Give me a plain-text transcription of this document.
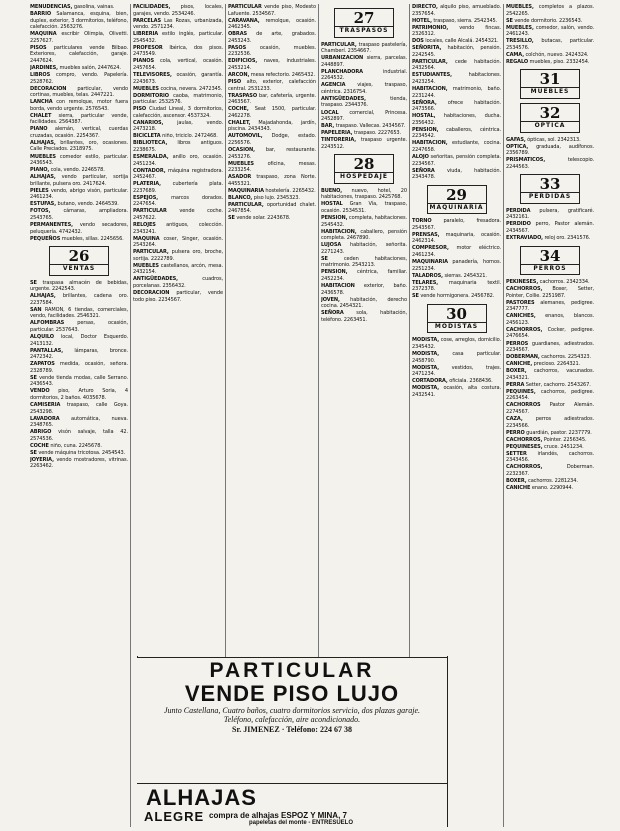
MENUDENCIAS, gasolina, vainas.

BARRIO Salamanca, esquina, bien, duplex, exterior, 3 dormitorios, teléfono, calefacción. 2563276.

MAQUINA escribir Olimpia, Olivetti. 2257627.

PISOS particulares vende Bilbao. Exteriores, calefacción, garaje. 2447624.

JARDINES, muebles salón, 2447624.

LIBROS compro, vendo. Papelería. 2528762.

DECORACION particular, vendo cortinas, muebles, telas. 2447221.

LANCHA con remolque, motor fuera borda, vendo urgente. 2576543.

CHALET sierra, particular vende, facilidades. 2564387.

PIANO alemán, vertical, cuerdas cruzadas, ocasión. 2254367.

ALHAJAS, brillantes, oro, ocasiones. Calle Preciados. 2318975.

MUEBLES comedor estilo, particular. 2436543.

PIANO, cola, vendo. 2246578.

ALHAJAS, vendo particular, sortija brillante, pulsera oro. 2417624.

PIELES vendo, abrigo visón, particular. 2461234.

ESTUFAS, butano, vendo. 2464539.

FOTOS, cámaras, ampliadora. 2543765.

PERMANENTES, vendo secadores, peluquería. 4742432.

PEQUEÑOS muebles, sillas. 2245656.

26
VENTAS

SE traspasa almacén de bebidas, urgente. 2242543.

ALHAJAS, brillantes, cadena oro. 2237584.

SAN RAMON, 6 tiendas, comerciales, vendo, facilidades. 2546321.

ALFOMBRAS persas, ocasión, particular. 2537643.

ALQUILO local, Doctor Esquerdo. 2413132.

PANTALLAS, lámparas, bronce. 2472342.

ZAPATOS medida, ocasión, señora. 2328789.

SE vende tienda modas, calle Serrano. 2436543.

VENDO piso, Arturo Soria, 4 dormitorios, 2 baños. 4035678.

CAMISERIA traspaso, calle Goya. 2543298.

LAVADORA automática, nueva. 2348765.

ABRIGO visón salvaje, talla 42. 2574536.

COCHE niño, cuna. 2245678.

SE vende máquina tricotosa. 2454543.

JOYERIA, vendo mostradores, vitrinas. 2263462.

FACILIDADES, pisos, locales, garajes, vendo. 2534246.

PARCELAS Las Rozas, urbanizada, vendo. 2571234.

LIBRERIA estilo inglés, particular. 2545432.

PROFESOR Ibérica, dos pisos. 2473549.

PIANOS cola, vertical, ocasión. 2457654.

TELEVISORES, ocasión, garantía. 2243673.

MUEBLES cocina, nevera. 2472345.

DORMITORIO caoba, matrimonio, particular. 2532576.

PISO Ciudad Lineal, 3 dormitorios, calefacción, ascensor. 4537324.

CANARIOS, jaulas, vendo. 2473218.

BICICLETA niño, triciclo. 2472468.

BIBLIOTECA, libros antiguos. 2238675.

ESMERALDA, anillo oro, ocasión. 2451234.

CONTADOR, máquina registradora. 2452467.

PLATERIA, cubertería plata. 2237689.

ESPEJOS, marcos dorados. 2247654.

PARTICULAR vende coche. 2457622.

RELOJES antiguos, colección. 2343241.

MAQUINA coser, Singer, ocasión. 2543264.

PARTICULAR, pulsera oro, broche, sortija. 2222789.

MUEBLES castellanos, arcón, mesa. 2432154.

ANTIGÜEDADES, cuadros, porcelanas. 2356432.

DECORACION particular, vende todo piso. 2234567.

PARTICULAR vende piso, Modesto Lafuente. 2534567.

CARAVANA, remolque, ocasión. 2462345.

OBRAS de arte, grabados. 2453243.

PASOS ocasión, muebles. 2232536.

EDIFICIOS, naves, industriales. 2453214.

ARCON, mesa refectorio. 2465432.

PISO alto, exterior, calefacción central. 2531233.

TRASPASO bar, cafetería, urgente. 2463567.

COCHE, Seat 1500, particular. 2462278.

CHALET, Majadahonda, jardín, piscina. 2434343.

AUTOMOVIL, Dodge, estado. 2256576.

OCASION, bar, restaurante. 2453276.

MUEBLES oficina, mesas. 2233254.

ASADOR traspaso, zona Norte. 4455321.

MAQUINARIA hostelería. 2265432.

BLANCO, piso lujo. 2345323.

PARTICULAR, oportunidad chalet. 2467854.

SE vende solar. 2243678.

27
TRASPASOS

PARTICULAR, traspaso pastelería, Chamberí. 2354667.

URBANIZACION sierra, parcelas. 2448897.

PLANCHADORA industrial. 2264532.

AGENCIA viajes, traspaso, céntrica. 2316754.

ANTIGÜEDADES, tienda, traspaso. 2344376.

LOCAL comercial, Princesa. 2452897.

BAR, traspaso. Vallecas. 2434567.

PAPELERIA, traspaso. 2227653.

TINTORERIA, traspaso urgente. 2243512.

28
HOSPEDAJE

BUENO, nuevo, hotel, 20 habitaciones, traspaso. 2425768.

HOSTAL Gran Vía, traspaso, ocasión. 2534531.

PENSION, completa, habitaciones. 2545432.

HABITACION, caballero, pensión completa. 2467890.

LUJOSA habitación, señorita. 2271243.

SE ceden habitaciones, matrimonio. 2543213.

PENSION, céntrica, familiar. 2452234.

HABITACION exterior, baño. 2436578.

JOVEN, habitación, derecho cocina. 2454321.

SEÑORA sola, habitación, teléfono. 2263451.

DIRECTO, alquilo piso, amueblado. 2357654.

HOTEL, traspaso, sierra. 2542345.

PATRIMONIO, vendo fincas. 2326312.

DOS locales, calle Alcalá. 2454321.

SEÑORITA, habitación, pensión. 2242545.

PARTICULAR, cede habitación. 2432564.

ESTUDIANTES, habitaciones. 2423254.

HABITACION, matrimonio, baño. 2231244.

SEÑORA, ofrece habitación. 2473566.

HOSTAL, habitaciones, ducha. 2356432.

PENSION, caballeros, céntrica. 2234542.

HABITACION, estudiante, cocina. 2247658.

ALOJO señoritas, pensión completa. 2234567.

SEÑORA viuda, habitación. 2343478.

29
MAQUINARIA

TORNO paralelo, fresadora. 2543567.

PRENSAS, maquinaria, ocasión. 2462314.

COMPRESOR, motor eléctrico. 2461234.

MAQUINARIA panadería, hornos. 2251234.

TALADROS, sierras. 2454321.

TELARES, maquinaria textil. 2372378.

SE vende hormigonera. 2456782.

30
MODISTAS

MODISTA, cose, arreglos, domicilio. 2345432.

MODISTA, casa particular. 2458790.

MODISTA, vestidos, trajes. 2471234.

CORTADORA, oficiala. 2368436.

MODISTA, ocasión, alta costura. 2432541.

MUEBLES, completos a plazos. 2542265.

SE vende dormitorio. 2236543.

MUEBLES, comedor, salón, vendo. 2461243.

TRESILLO, butacas, particular. 2534576.

CAMA, colchón, nuevo. 2424324.

REGALO muebles, piso. 2332454.

31
MUEBLES
32
OPTICA

GAFAS, ópticas, sol. 2342313.

OPTICA, graduada, audífonos. 2356789.

PRISMATICOS, telescopio. 2244563.

33
PERDIDAS

PERDIDA pulsera, gratificaré. 2432161.

PERDIDO perro, Pastor alemán. 2434567.

EXTRAVIADO, reloj oro. 2341576.

34
PERROS

PEKINESES, cachorros. 2342334.

CACHORROS, Boxer, Setter, Pointer, Collie. 2251987.

PASTORES alemanes, pedigree. 2347777.

CANICHES, enanos, blancos. 2456123.

CACHORROS, Cocker, pedigree. 2476654.

PERROS guardianes, adiestrados. 2234567.

DOBERMAN, cachorros. 2254323.

CANICHE, precioso. 2264321.

BOXER, cachorros, vacunados. 2434321.

PERRA Setter, cachorro. 2543267.

PEQUINES, cachorros, pedigree. 2263454.

CACHORROS Pastor Alemán. 2274567.

CAZA, perros adiestrados. 2234566.

PERRO guardián, pastor. 2237779.

CACHORROS, Pointer. 2256345.

PEQUINESES, cruce. 2451234.

SETTER irlandés, cachorros. 2343456.

CACHORROS, Doberman. 2232367.

BOXER, cachorros. 2281234.

CANICHE enano. 2290944.

PARTICULAR
VENDE PISO LUJO
Junto Castellana, Cuatro baños, cuatro dormitorios servicio, dos plazas garaje. Teléfono, calefacción, aire acondicionado.
Sr. JIMENEZ · Teléfono: 224 67 38
ALHAJAS
ALEGRE compra de alhajas ESPOZ Y MINA, 7
papeletas del monte - ENTRESUELO
